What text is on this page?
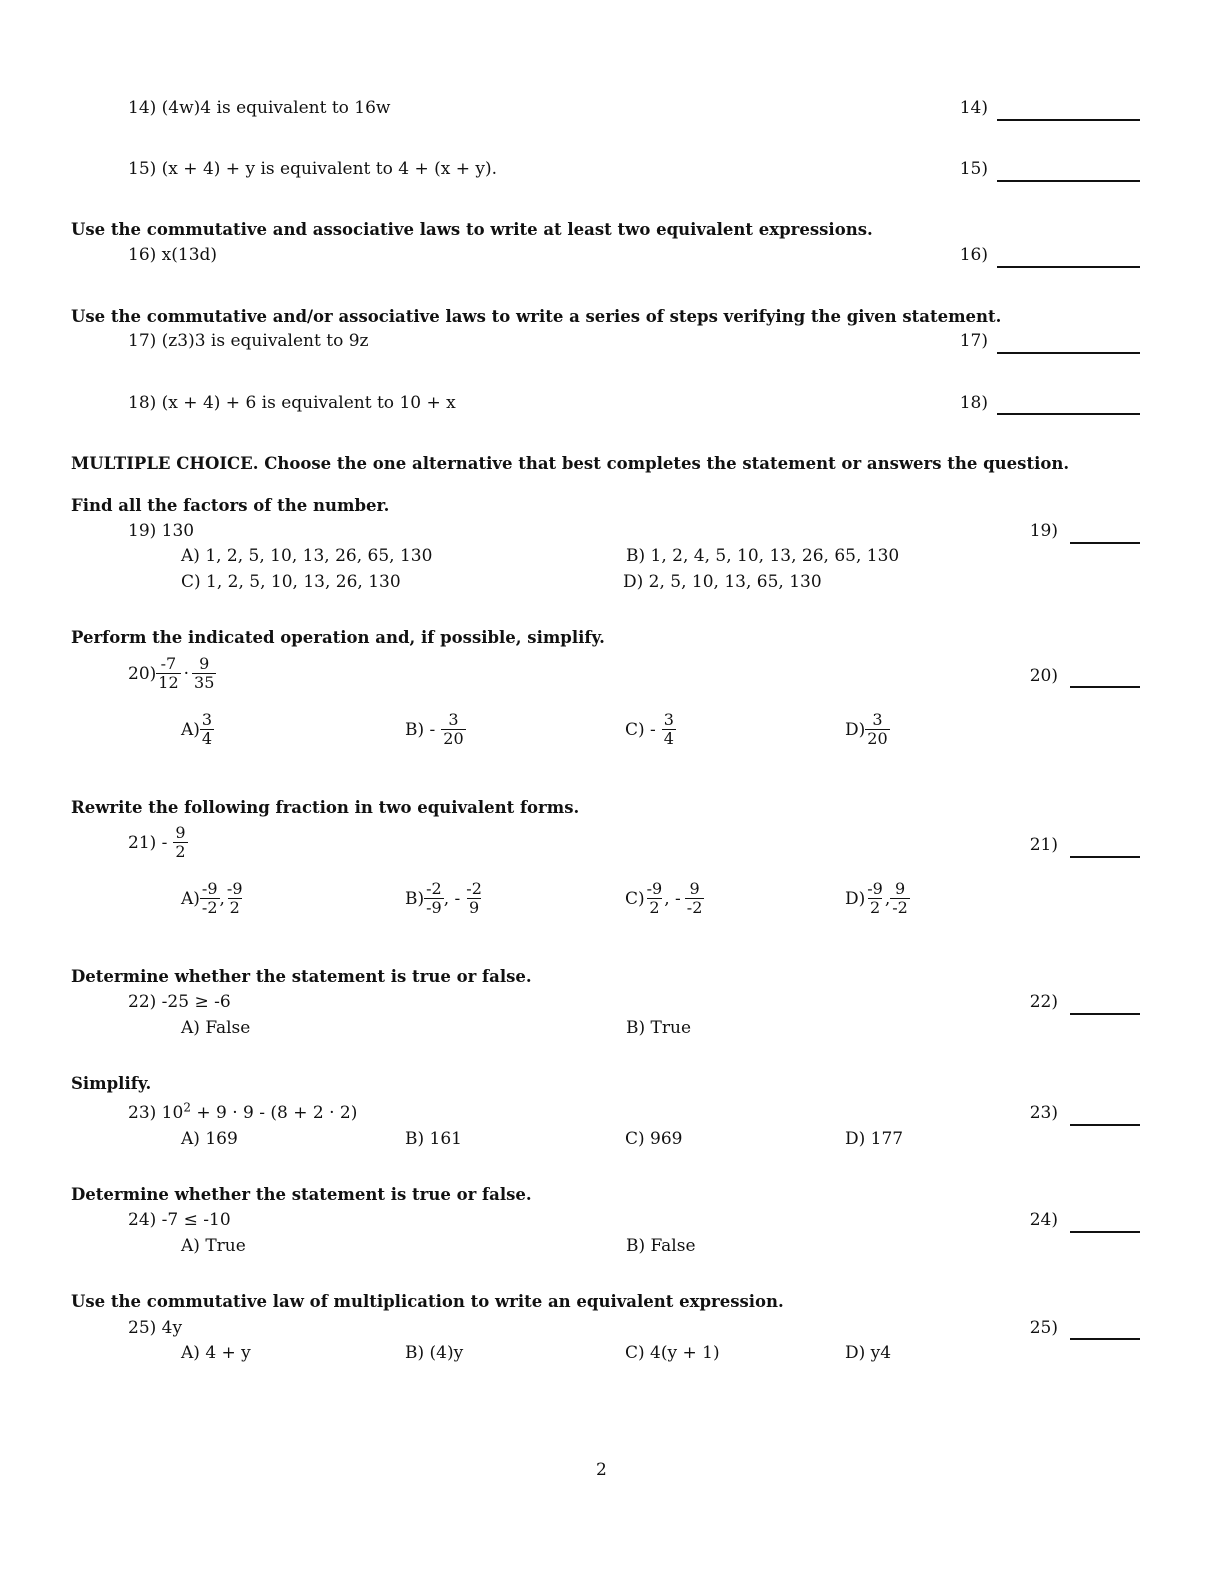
14) (4w)4 is equivalent to 16w	14)
15) (x + 4) + y is equivalent to 4 + (x + y).	15)
Use the commutative and associative laws to write at least two equivalent expressions.
16) x(13d)	16)
Use the commutative and/or associative laws to write a series of steps verifying the given statement.
17) (z3)3 is equivalent to 9z	17)
18) (x + 4) + 6 is equivalent to 10 + x	18)
MULTIPLE CHOICE. Choose the one alternative that best completes the statement or answers the question.
Find all the factors of the number.
19) 130	19)
A) 1, 2, 5, 10, 13, 26, 65, 130	B) 1, 2, 4, 5, 10, 13, 26, 65, 130
C) 1, 2, 5, 10, 13, 26, 130	D) 2, 5, 10, 13, 65, 130
Perform the indicated operation and, if possible, simplify.
$20) \frac{-7}{12} \cdot \frac{9}{35}$	20)
$A) \frac{3}{4}$	$B) - \frac{3}{20}$	$C) - \frac{3}{4}$	$D) \frac{3}{20}$
Rewrite the following fraction in two equivalent forms.
$21) - \frac{9}{2}$	21)
$A) \frac{-9}{-2}$ , $\frac{-9}{2}$	$B) \frac{-2}{-9}$ , - $\frac{-2}{9}$	$C) \frac{-9}{2}$ , - $\frac{9}{-2}$	$D) \frac{-9}{2}$ , $\frac{9}{-2}$
Determine whether the statement is true or false.
22) -25 ≥ -6	22)
A) False	B) True
Simplify.
23) $10^2 + 9 \cdot 9 - (8 + 2 \cdot 2)$	23)
A) 169	B) 161	C) 969	D) 177
Determine whether the statement is true or false.
24) -7 ≤ -10	24)
A) True	B) False
Use the commutative law of multiplication to write an equivalent expression.
25) 4y	25)
A) 4 + y	B) (4)y	C) 4(y + 1)	D) y4
2
